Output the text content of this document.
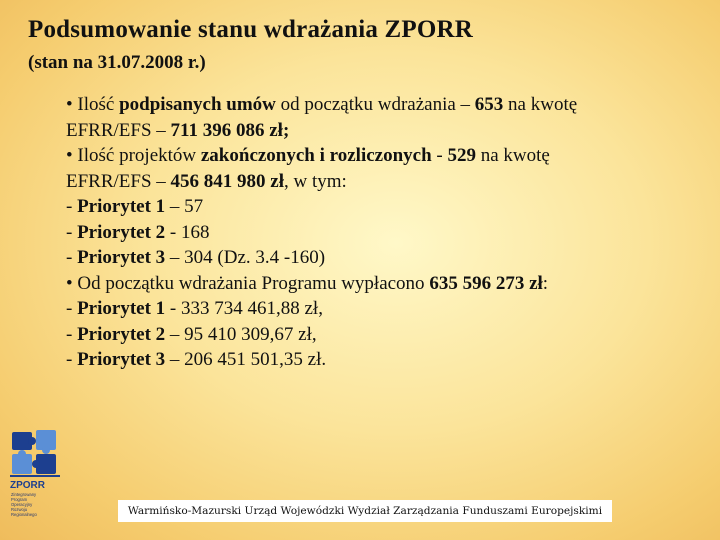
Podsumowanie stanu wdrażania ZPORR
(stan na 31.07.2008 r.)
• Ilość podpisanych umów od początku wdrażania – 653 na kwotę
EFRR/EFS – 711 396 086 zł;
• Ilość projektów zakończonych i rozliczonych - 529 na kwotę
EFRR/EFS – 456 841 980 zł, w tym:
- Priorytet 1 – 57
- Priorytet 2 - 168
- Priorytet 3 – 304 (Dz. 3.4 -160)
• Od początku wdrażania Programu wypłacono 635 596 273 zł:
- Priorytet 1 - 333 734 461,88 zł,
- Priorytet 2 – 95 410 309,67 zł,
- Priorytet 3 – 206 451 501,35 zł.
ZPORR
Zintegrowany
Program
Operacyjny
Rozwoju
Regionalnego	Warmińsko-Mazurski Urząd Wojewódzki Wydział Zarządzania Funduszami Europejskimi
